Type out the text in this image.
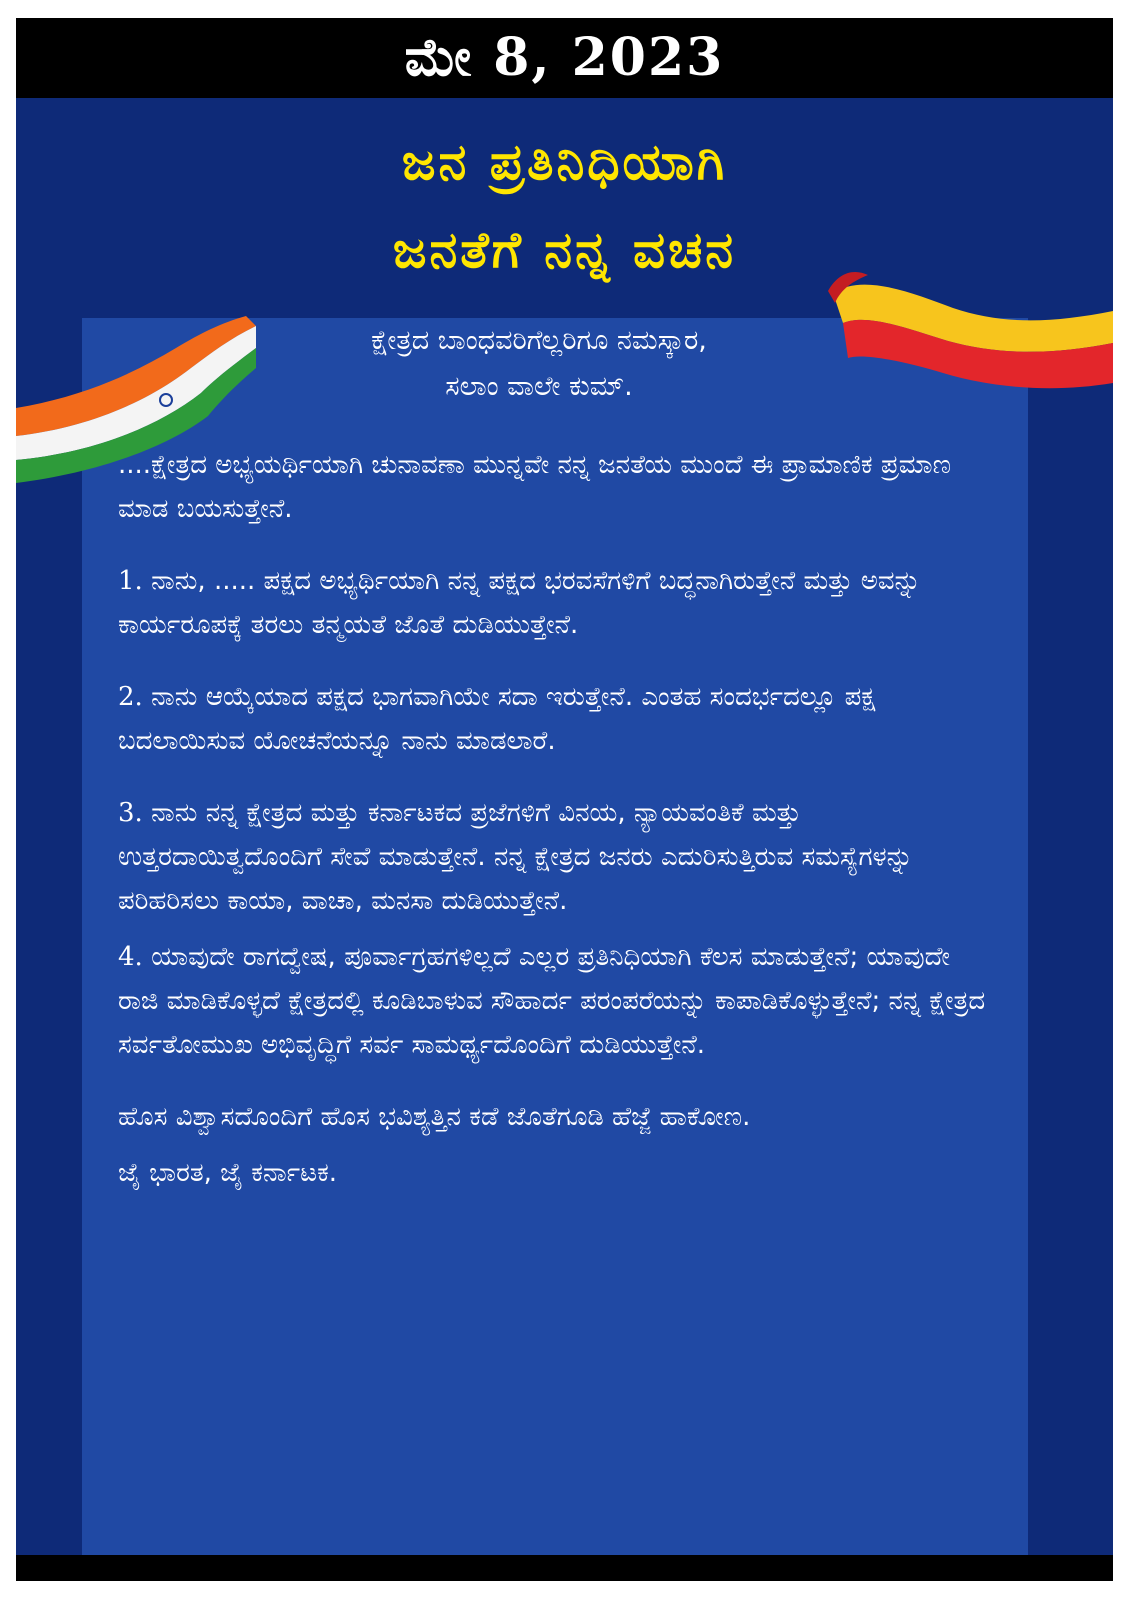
ಮೇ 8, 2023
ಜನ ಪ್ರತಿನಿಧಿಯಾಗಿ
ಜನತೆಗೆ ನನ್ನ ವಚನ
ಕ್ಷೇತ್ರದ ಬಾಂಧವರಿಗೆಲ್ಲರಿಗೂ ನಮಸ್ಕಾರ,
ಸಲಾಂ ವಾಲೇ ಕುಮ್.

....ಕ್ಷೇತ್ರದ ಅಭ್ಯಯರ್ಥಿಯಾಗಿ ಚುನಾವಣಾ ಮುನ್ನವೇ ನನ್ನ ಜನತೆಯ ಮುಂದೆ ಈ ಪ್ರಾಮಾಣಿಕ ಪ್ರಮಾಣ ಮಾಡ ಬಯಸುತ್ತೇನೆ.

1. ನಾನು, ..... ಪಕ್ಷದ ಅಭ್ಯರ್ಥಿಯಾಗಿ ನನ್ನ ಪಕ್ಷದ ಭರವಸೆಗಳಿಗೆ ಬದ್ಧನಾಗಿರುತ್ತೇನೆ ಮತ್ತು ಅವನ್ನು ಕಾರ್ಯರೂಪಕ್ಕೆ ತರಲು ತನ್ಮಯತೆ ಜೊತೆ ದುಡಿಯುತ್ತೇನೆ.

2. ನಾನು ಆಯ್ಕೆಯಾದ ಪಕ್ಷದ ಭಾಗವಾಗಿಯೇ ಸದಾ ಇರುತ್ತೇನೆ. ಎಂತಹ ಸಂದರ್ಭದಲ್ಲೂ ಪಕ್ಷ ಬದಲಾಯಿಸುವ ಯೋಚನೆಯನ್ನೂ ನಾನು ಮಾಡಲಾರೆ.

3. ನಾನು ನನ್ನ ಕ್ಷೇತ್ರದ ಮತ್ತು ಕರ್ನಾಟಕದ ಪ್ರಜೆಗಳಿಗೆ ವಿನಯ, ನ್ಯಾಯವಂತಿಕೆ ಮತ್ತು ಉತ್ತರದಾಯಿತ್ವದೊಂದಿಗೆ ಸೇವೆ ಮಾಡುತ್ತೇನೆ. ನನ್ನ ಕ್ಷೇತ್ರದ ಜನರು ಎದುರಿಸುತ್ತಿರುವ ಸಮಸ್ಯೆಗಳನ್ನು ಪರಿಹರಿಸಲು ಕಾಯಾ, ವಾಚಾ, ಮನಸಾ ದುಡಿಯುತ್ತೇನೆ.

4. ಯಾವುದೇ ರಾಗದ್ವೇಷ, ಪೂರ್ವಾಗ್ರಹಗಳಿಲ್ಲದೆ ಎಲ್ಲರ ಪ್ರತಿನಿಧಿಯಾಗಿ ಕೆಲಸ ಮಾಡುತ್ತೇನೆ; ಯಾವುದೇ ರಾಜಿ ಮಾಡಿಕೊಳ್ಳದೆ ಕ್ಷೇತ್ರದಲ್ಲಿ ಕೂಡಿಬಾಳುವ ಸೌಹಾರ್ದ ಪರಂಪರೆಯನ್ನು ಕಾಪಾಡಿಕೊಳ್ಳುತ್ತೇನೆ; ನನ್ನ ಕ್ಷೇತ್ರದ ಸರ್ವತೋಮುಖ ಅಭಿವೃದ್ಧಿಗೆ ಸರ್ವ ಸಾಮರ್ಥ್ಯದೊಂದಿಗೆ ದುಡಿಯುತ್ತೇನೆ.

ಹೊಸ ವಿಶ್ವಾಸದೊಂದಿಗೆ ಹೊಸ ಭವಿಶ್ಯತ್ತಿನ ಕಡೆ ಜೊತೆಗೂಡಿ ಹೆಜ್ಜೆ ಹಾಕೋಣ.

ಜೈ ಭಾರತ, ಜೈ ಕರ್ನಾಟಕ.
